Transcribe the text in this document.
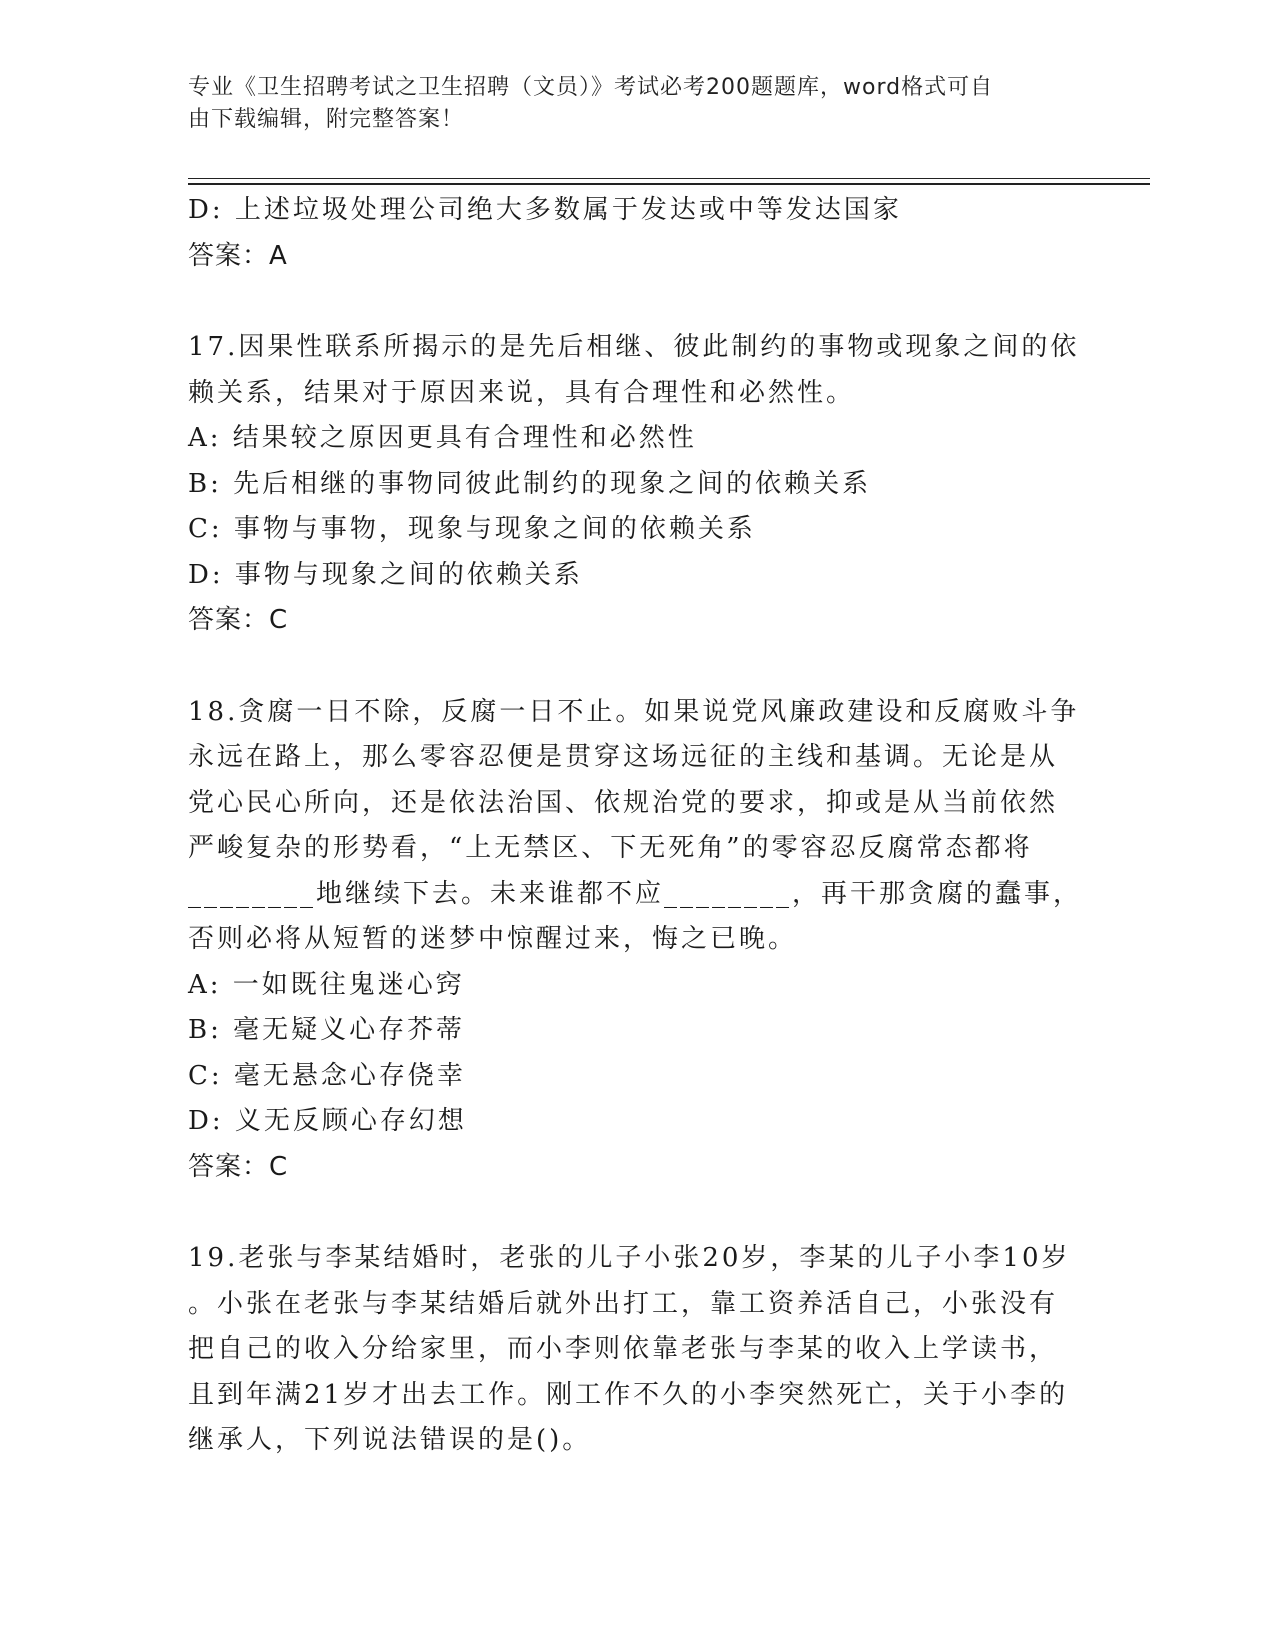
专业《卫生招聘考试之卫生招聘（文员）》考试必考200题题库，word格式可自
由下载编辑，附完整答案！
D: 上述垃圾处理公司绝大多数属于发达或中等发达国家
答案：A
17.因果性联系所揭示的是先后相继、彼此制约的事物或现象之间的依
赖关系，结果对于原因来说，具有合理性和必然性。
A: 结果较之原因更具有合理性和必然性
B: 先后相继的事物同彼此制约的现象之间的依赖关系
C: 事物与事物，现象与现象之间的依赖关系
D: 事物与现象之间的依赖关系
答案：C
18.贪腐一日不除，反腐一日不止。如果说党风廉政建设和反腐败斗争
永远在路上，那么零容忍便是贯穿这场远征的主线和基调。无论是从
党心民心所向，还是依法治国、依规治党的要求，抑或是从当前依然
严峻复杂的形势看，“上无禁区、下无死角”的零容忍反腐常态都将
________地继续下去。未来谁都不应________，再干那贪腐的蠢事，
否则必将从短暂的迷梦中惊醒过来，悔之已晚。
A: 一如既往鬼迷心窍
B: 毫无疑义心存芥蒂
C: 毫无悬念心存侥幸
D: 义无反顾心存幻想
答案：C
19.老张与李某结婚时，老张的儿子小张20岁，李某的儿子小李10岁
。小张在老张与李某结婚后就外出打工，靠工资养活自己，小张没有
把自己的收入分给家里，而小李则依靠老张与李某的收入上学读书，
且到年满21岁才出去工作。刚工作不久的小李突然死亡，关于小李的
继承人，下列说法错误的是()。
